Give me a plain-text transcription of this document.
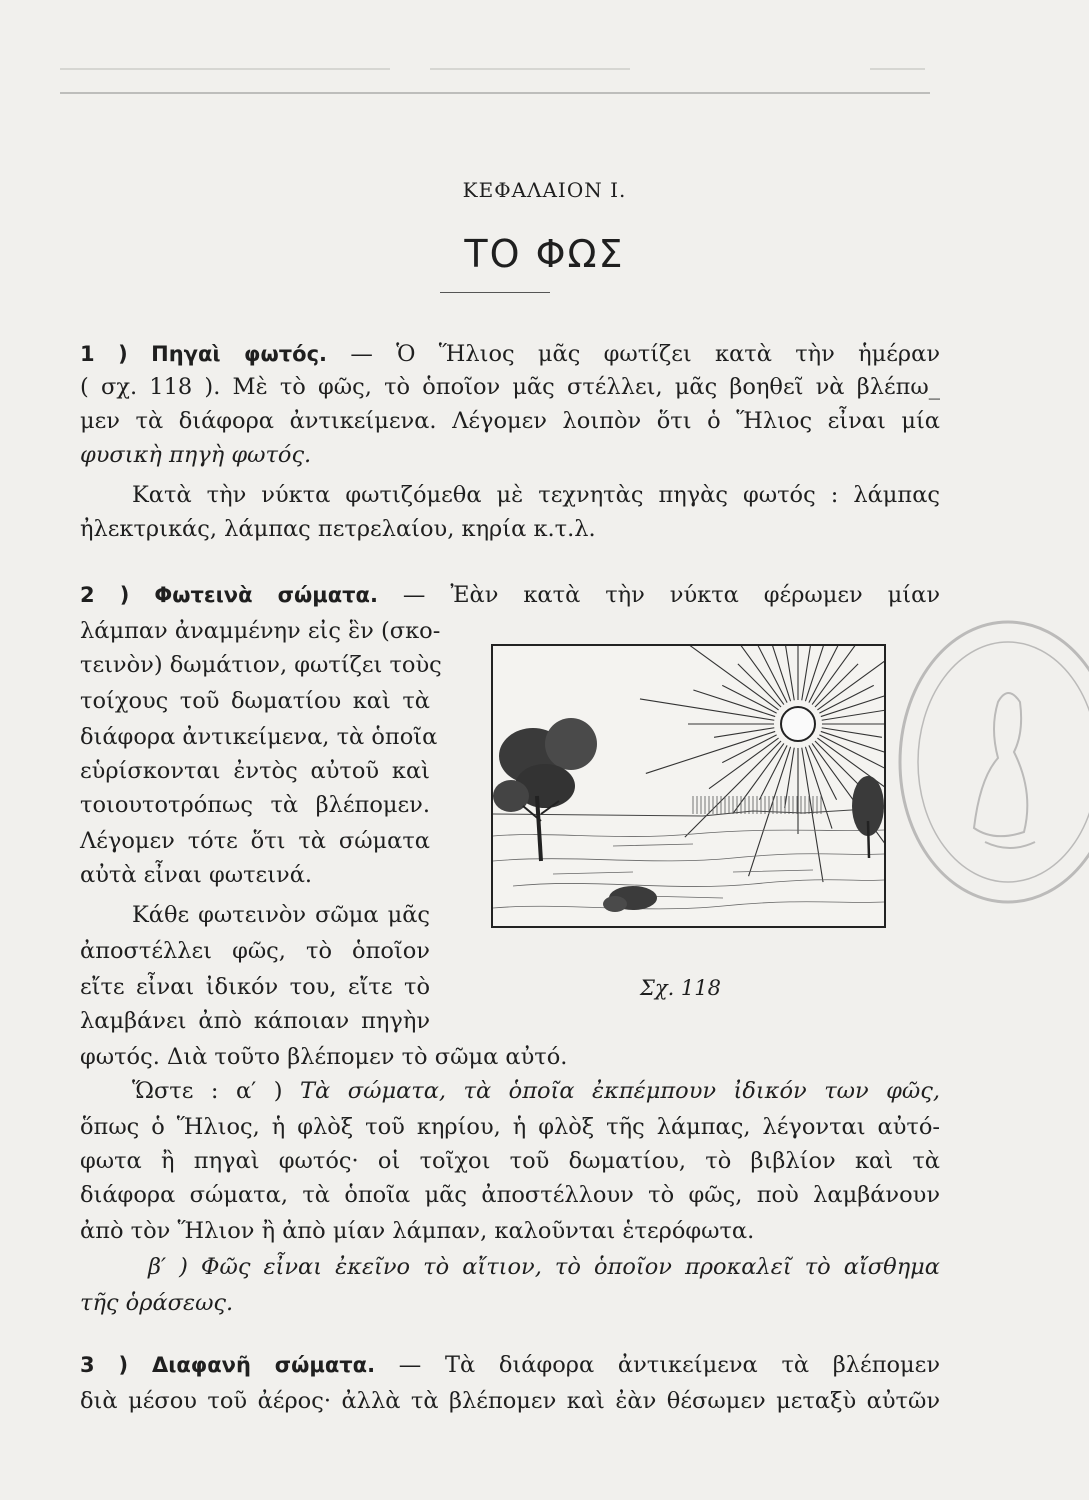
ΚΕΦΑΛΑΙΟΝ Ι.
ΤΟ ΦΩΣ
1 ) Πηγαὶ φωτός. — Ὁ Ἥλιος μᾶς φωτίζει κατὰ τὴν ἡμέραν
( σχ. 118 ). Μὲ τὸ φῶς, τὸ ὁποῖον μᾶς στέλλει, μᾶς βοηθεῖ νὰ βλέπω_
μεν τὰ διάφορα ἀντικείμενα. Λέγομεν λοιπὸν ὅτι ὁ Ἥλιος εἶναι μία
φυσικὴ πηγὴ φωτός.
Κατὰ τὴν νύκτα φωτιζόμεθα μὲ τεχνητὰς πηγὰς φωτός : λάμπας
ἠλεκτρικάς, λάμπας πετρελαίου, κηρία κ.τ.λ.
2 ) Φωτεινὰ σώματα. — Ἐὰν κατὰ τὴν νύκτα φέρωμεν μίαν
λάμπαν ἀναμμένην εἰς ἓν (σκο-
τεινὸν) δωμάτιον, φωτίζει τοὺς
τοίχους τοῦ δωματίου καὶ τὰ
διάφορα ἀντικείμενα, τὰ ὁποῖα
εὑρίσκονται ἐντὸς αὐτοῦ καὶ
τοιουτοτρόπως τὰ βλέπομεν.
Λέγομεν τότε ὅτι τὰ σώματα
αὐτὰ εἶναι φωτεινά.
Κάθε φωτεινὸν σῶμα μᾶς
ἀποστέλλει φῶς, τὸ ὁποῖον
εἴτε εἶναι ἰδικόν του, εἴτε τὸ
λαμβάνει ἀπὸ κάποιαν πηγὴν
φωτός. Διὰ τοῦτο βλέπομεν τὸ σῶμα αὐτό.
Ὥστε : α′ ) Τὰ σώματα, τὰ ὁποῖα ἐκπέμπουν ἰδικόν των φῶς,
ὅπως ὁ Ἥλιος, ἡ φλὸξ τοῦ κηρίου, ἡ φλὸξ τῆς λάμπας, λέγονται αὐτό-
φωτα ἢ πηγαὶ φωτός· οἱ τοῖχοι τοῦ δωματίου, τὸ βιβλίον καὶ τὰ
διάφορα σώματα, τὰ ὁποῖα μᾶς ἀποστέλλουν τὸ φῶς, ποὺ λαμβάνουν
ἀπὸ τὸν Ἥλιον ἢ ἀπὸ μίαν λάμπαν, καλοῦνται ἑτερόφωτα.
β′ ) Φῶς εἶναι ἐκεῖνο τὸ αἴτιον, τὸ ὁποῖον προκαλεῖ τὸ αἴσθημα
τῆς ὁράσεως.
3 ) Διαφανῆ σώματα. — Τὰ διάφορα ἀντικείμενα τὰ βλέπομεν
διὰ μέσου τοῦ ἀέρος· ἀλλὰ τὰ βλέπομεν καὶ ἐὰν θέσωμεν μεταξὺ αὐτῶν
Σχ. 118
